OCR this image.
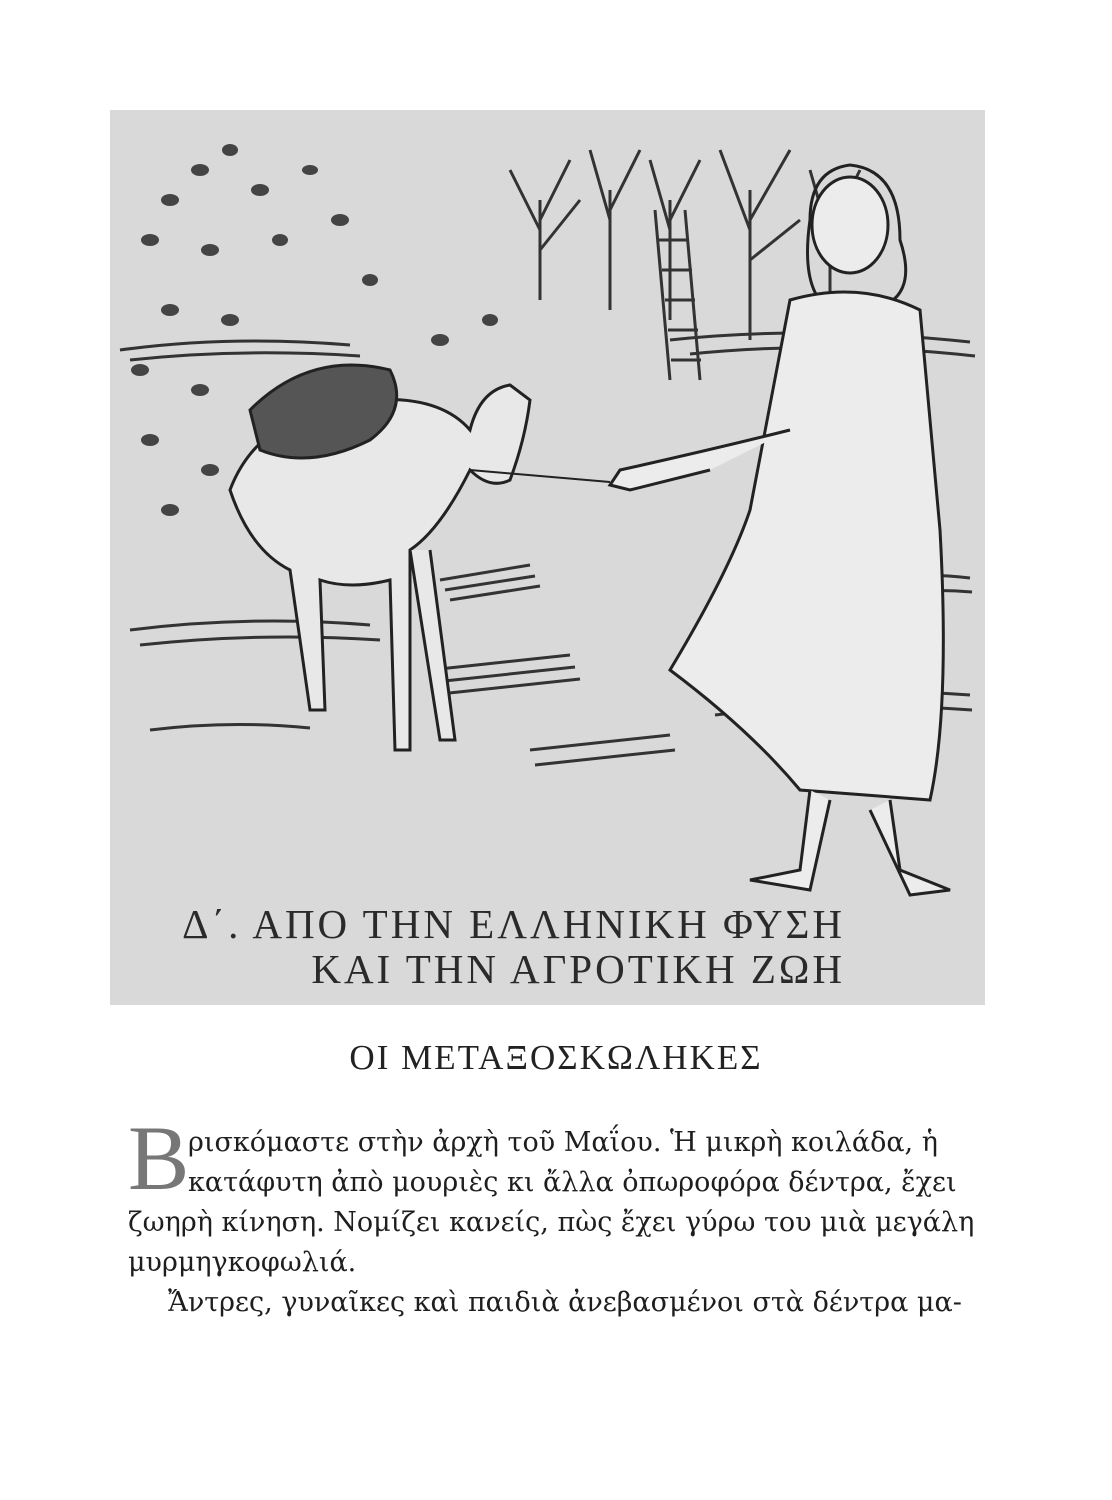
Δ΄. ΑΠΟ ΤΗΝ ΕΛΛΗΝΙΚΗ ΦΥΣΗ
ΚΑΙ ΤΗΝ ΑΓΡΟΤΙΚΗ ΖΩΗ
ΟΙ ΜΕΤΑΞΟΣΚΩΛΗΚΕΣ
Β
ρισκόμαστε στὴν ἀρχὴ τοῦ Μαΐου. Ἡ μικρὴ κοιλάδα, ἡ
κατάφυτη ἀπὸ μουριὲς κι ἄλλα ὀπωροφόρα δέντρα, ἔχει
ζωηρὴ κίνηση. Νομίζει κανείς, πὼς ἔχει γύρω του μιὰ μεγάλη
μυρμηγκοφωλιά.
Ἄντρες, γυναῖκες καὶ παιδιὰ ἀνεβασμένοι στὰ δέντρα μα-
